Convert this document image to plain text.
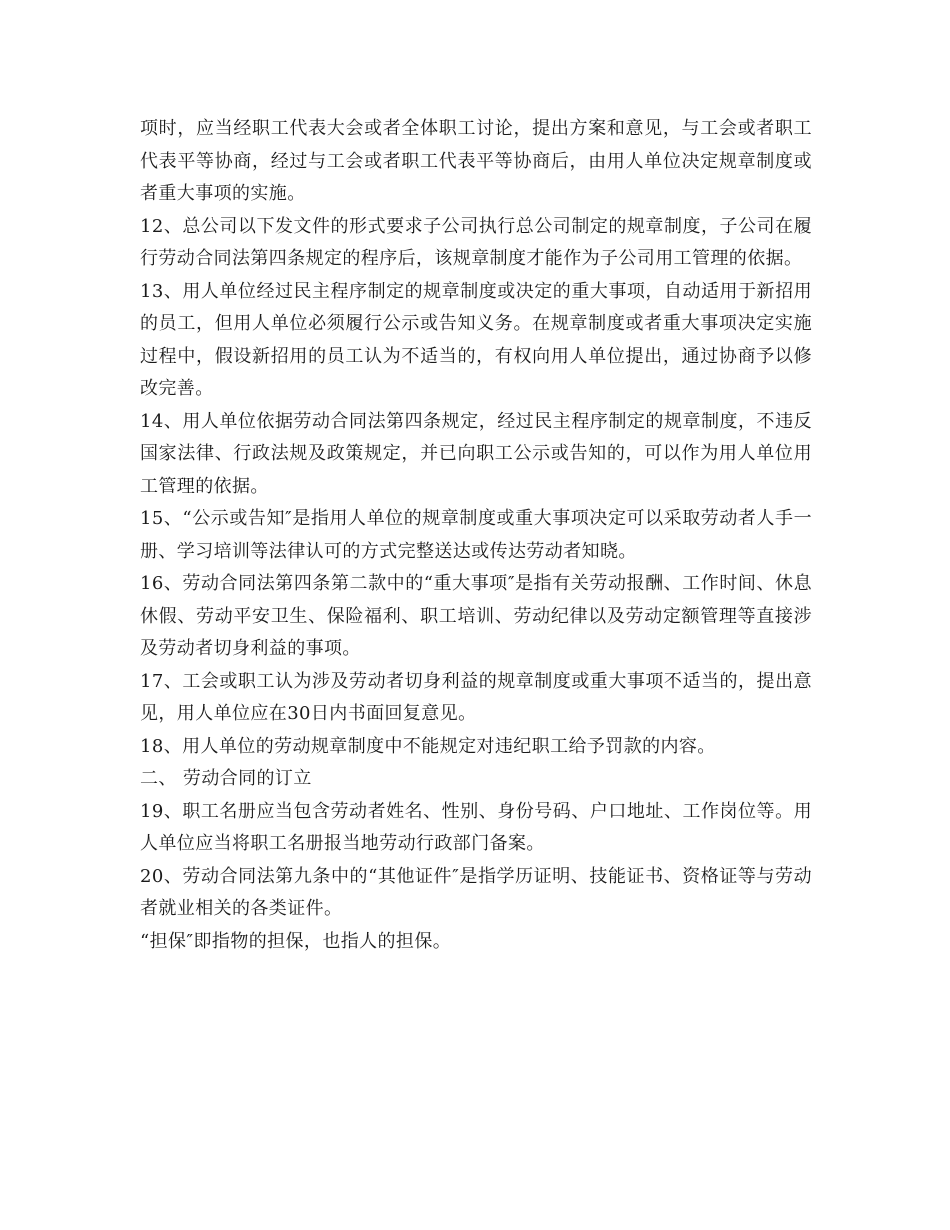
项时，应当经职工代表大会或者全体职工讨论，提出方案和意见，与工会或者职工代表平等协商，经过与工会或者职工代表平等协商后，由用人单位决定规章制度或者重大事项的实施。

12、总公司以下发文件的形式要求子公司执行总公司制定的规章制度，子公司在履行劳动合同法第四条规定的程序后，该规章制度才能作为子公司用工管理的依据。

13、用人单位经过民主程序制定的规章制度或决定的重大事项，自动适用于新招用的员工，但用人单位必须履行公示或告知义务。在规章制度或者重大事项决定实施过程中，假设新招用的员工认为不适当的，有权向用人单位提出，通过协商予以修改完善。

14、用人单位依据劳动合同法第四条规定，经过民主程序制定的规章制度，不违反国家法律、行政法规及政策规定，并已向职工公示或告知的，可以作为用人单位用工管理的依据。

15、“公示或告知″是指用人单位的规章制度或重大事项决定可以采取劳动者人手一册、学习培训等法律认可的方式完整送达或传达劳动者知晓。

16、劳动合同法第四条第二款中的“重大事项″是指有关劳动报酬、工作时间、休息休假、劳动平安卫生、保险福利、职工培训、劳动纪律以及劳动定额管理等直接涉及劳动者切身利益的事项。

17、工会或职工认为涉及劳动者切身利益的规章制度或重大事项不适当的，提出意见，用人单位应在30日内书面回复意见。

18、用人单位的劳动规章制度中不能规定对违纪职工给予罚款的内容。

二、 劳动合同的订立

19、职工名册应当包含劳动者姓名、性别、身份号码、户口地址、工作岗位等。用人单位应当将职工名册报当地劳动行政部门备案。

20、劳动合同法第九条中的“其他证件″是指学历证明、技能证书、资格证等与劳动者就业相关的各类证件。

“担保″即指物的担保，也指人的担保。
